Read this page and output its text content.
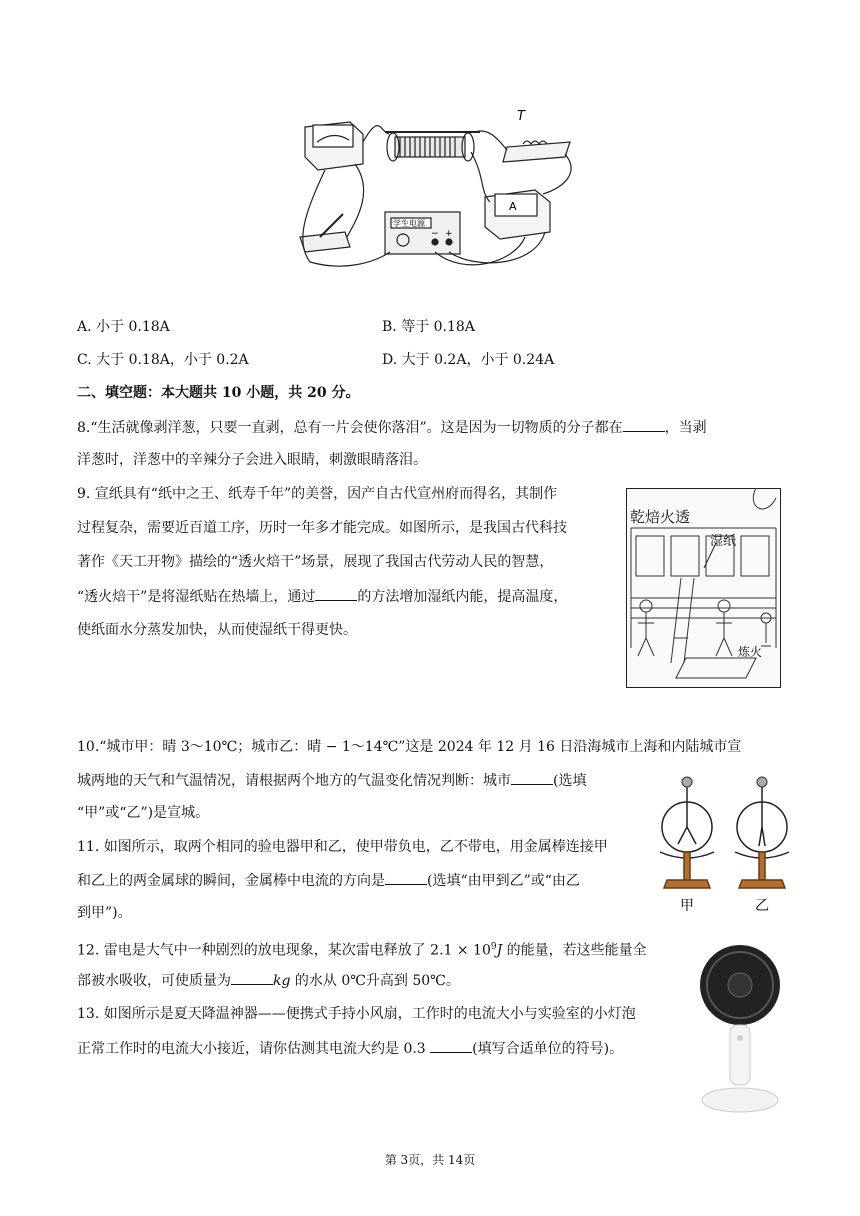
T
A
学生电源
− +
A. 小于 0.18A	B. 等于 0.18A
C. 大于 0.18A，小于 0.2A	D. 大于 0.2A，小于 0.24A
二、填空题：本大题共 10 小题，共 20 分。
8.“生活就像剥洋葱，只要一直剥，总有一片会使你落泪”。这是因为一切物质的分子都在	，当剥
洋葱时，洋葱中的辛辣分子会进入眼睛，刺激眼睛落泪。
9. 宣纸具有“纸中之王、纸寿千年”的美誉，因产自古代宣州府而得名，其制作
过程复杂，需要近百道工序，历时一年多才能完成。如图所示，是我国古代科技
著作《天工开物》描绘的“透火焙干”场景，展现了我国古代劳动人民的智慧，
“透火焙干”是将湿纸贴在热墙上，通过	的方法增加湿纸内能，提高温度，
使纸面水分蒸发加快，从而使湿纸干得更快。
乾焙火透
湿纸
炼火
10.“城市甲：晴 3～10℃；城市乙：晴 − 1～14℃”这是 2024 年 12 月 16 日沿海城市上海和内陆城市宣
城两地的天气和气温情况，请根据两个地方的气温变化情况判断：城市	(选填
“甲”或“乙”)是宣城。
甲	乙
11. 如图所示，取两个相同的验电器甲和乙，使甲带负电，乙不带电，用金属棒连接甲
和乙上的两金属球的瞬间，金属棒中电流的方向是	(选填“由甲到乙”或“由乙
到甲”)。
12. 雷电是大气中一种剧烈的放电现象，某次雷电释放了 $2.1 \times 10^9J$ 的能量，若这些能量全
部被水吸收，可使质量为	kg 的水从 0℃升高到 50℃。
13. 如图所示是夏天降温神器——便携式手持小风扇，工作时的电流大小与实验室的小灯泡
正常工作时的电流大小接近，请你估测其电流大约是 0.3	(填写合适单位的符号)。
第 3页，共 14页
